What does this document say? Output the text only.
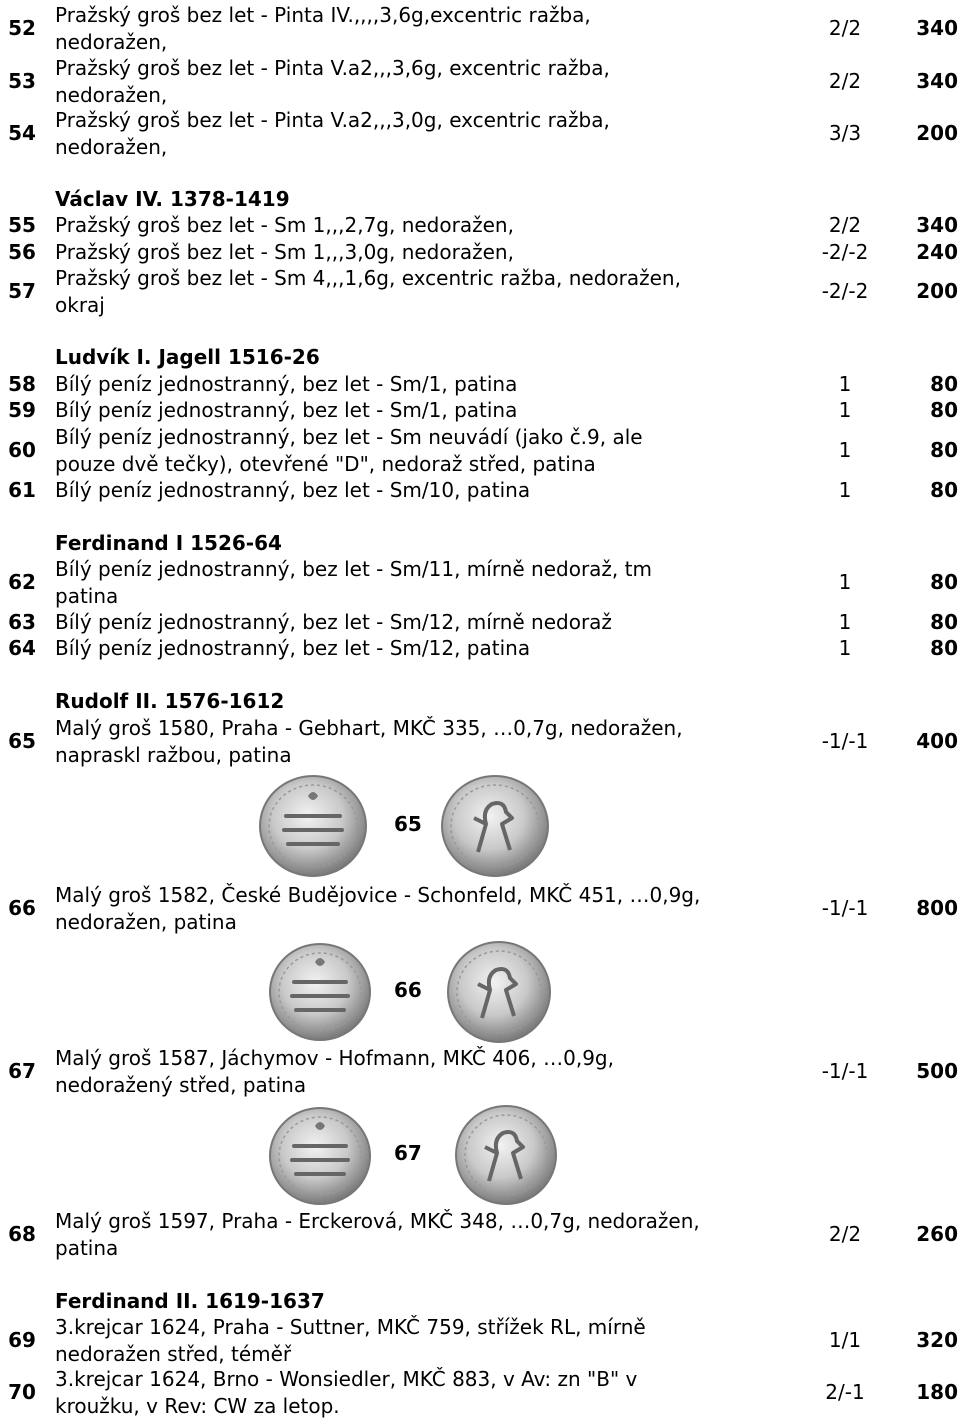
52
Pražský groš bez let - Pinta IV.,,,,3,6g,excentric ražba,
nedoražen,
2/2	340
53
Pražský groš bez let - Pinta V.a2,,,3,6g, excentric ražba,
nedoražen,
2/2	340
54
Pražský groš bez let - Pinta V.a2,,,3,0g, excentric ražba,
nedoražen,
3/3	200
Václav IV. 1378-1419
55 Pražský groš bez let - Sm 1,,,2,7g, nedoražen,	2/2	340
56 Pražský groš bez let - Sm 1,,,3,0g, nedoražen,	-2/-2	240
57
Pražský groš bez let - Sm 4,,,1,6g, excentric ražba, nedoražen,
okraj
-2/-2	200
Ludvík I. Jagell 1516-26
58 Bílý peníz jednostranný, bez let - Sm/1, patina	1	80
59 Bílý peníz jednostranný, bez let - Sm/1, patina	1	80
60
Bílý peníz jednostranný, bez let - Sm neuvádí (jako č.9, ale
pouze dvě tečky), otevřené "D", nedoraž střed, patina
1	80
61 Bílý peníz jednostranný, bez let - Sm/10, patina	1	80
Ferdinand I 1526-64
62
Bílý peníz jednostranný, bez let - Sm/11, mírně nedoraž, tm
patina
1	80
63 Bílý peníz jednostranný, bez let - Sm/12, mírně nedoraž	1	80
64 Bílý peníz jednostranný, bez let - Sm/12, patina	1	80
Rudolf II. 1576-1612
65
Malý groš 1580, Praha - Gebhart, MKČ 335, …0,7g, nedoražen,
napraskl ražbou, patina
-1/-1	400
65
66
Malý groš 1582, České Budějovice - Schonfeld, MKČ 451, …0,9g,
nedoražen, patina
-1/-1	800
66
67
Malý groš 1587, Jáchymov - Hofmann, MKČ 406, …0,9g,
nedoražený střed, patina
-1/-1	500
67
68
Malý groš 1597, Praha - Erckerová, MKČ 348, …0,7g, nedoražen,
patina
2/2	260
Ferdinand II. 1619-1637
69
3.krejcar 1624, Praha - Suttner, MKČ 759, střížek RL, mírně
nedoražen střed, téměř
1/1	320
70
3.krejcar 1624, Brno - Wonsiedler, MKČ 883, v Av: zn "B" v
kroužku, v Rev: CW za letop.
2/-1	180
